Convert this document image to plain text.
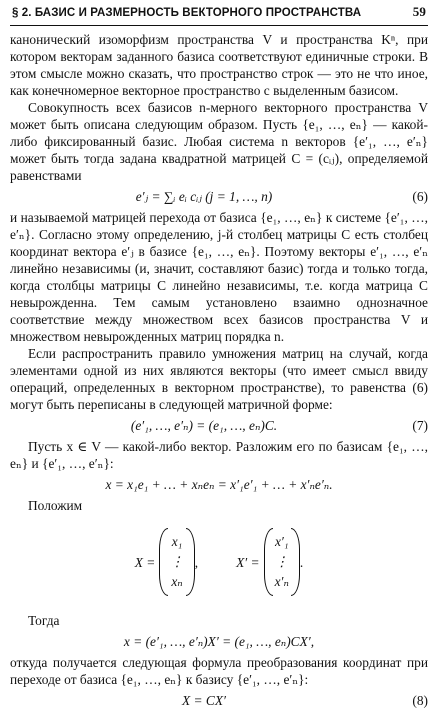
§ 2. БАЗИС И РАЗМЕРНОСТЬ ВЕКТОРНОГО ПРОСТРАНСТВА	59

канонический изоморфизм пространства V и пространства Kⁿ, при котором векторам заданного базиса соответствуют единичные строки. В этом смысле можно сказать, что пространство строк — это не что иное, как конечномерное векторное пространство с выделенным базисом.

Совокупность всех базисов n-мерного векторного пространства V может быть описана следующим образом. Пусть {e₁, …, eₙ} — какой-либо фиксированный базис. Любая система n векторов {e′₁, …, e′ₙ} может быть тогда задана квадратной матрицей C = (cᵢⱼ), определяемой равенствами

e′ⱼ = ∑ᵢ eᵢ cᵢⱼ (j = 1, …, n)	(6)

и называемой матрицей перехода от базиса {e₁, …, eₙ} к системе {e′₁, …, e′ₙ}. Согласно этому определению, j-й столбец матрицы C есть столбец координат вектора e′ⱼ в базисе {e₁, …, eₙ}. Поэтому векторы e′₁, …, e′ₙ линейно независимы (и, значит, составляют базис) тогда и только тогда, когда столбцы матрицы C линейно независимы, т.е. когда матрица C невырожденна. Тем самым установлено взаимно однозначное соответствие между множеством всех базисов пространства V и множеством невырожденных матриц порядка n.

Если распространить правило умножения матриц на случай, когда элементами одной из них являются векторы (что имеет смысл ввиду операций, определенных в векторном пространстве), то равенства (6) могут быть переписаны в следующей матричной форме:

(e′₁, …, e′ₙ) = (e₁, …, eₙ)C.	(7)

Пусть x ∈ V — какой-либо вектор. Разложим его по базисам {e₁, …, eₙ} и {e′₁, …, e′ₙ}:

x = x₁e₁ + … + xₙeₙ = x′₁e′₁ + … + x′ₙe′ₙ.

Положим

X =
x₁
⋮
xₙ
,	X′ =
x′₁
⋮
x′ₙ
.

Тогда

x = (e′₁, …, e′ₙ)X′ = (e₁, …, eₙ)CX′,

откуда получается следующая формула преобразования координат при переходе от базиса {e₁, …, eₙ} к базису {e′₁, …, e′ₙ}:

X = CX′	(8)
